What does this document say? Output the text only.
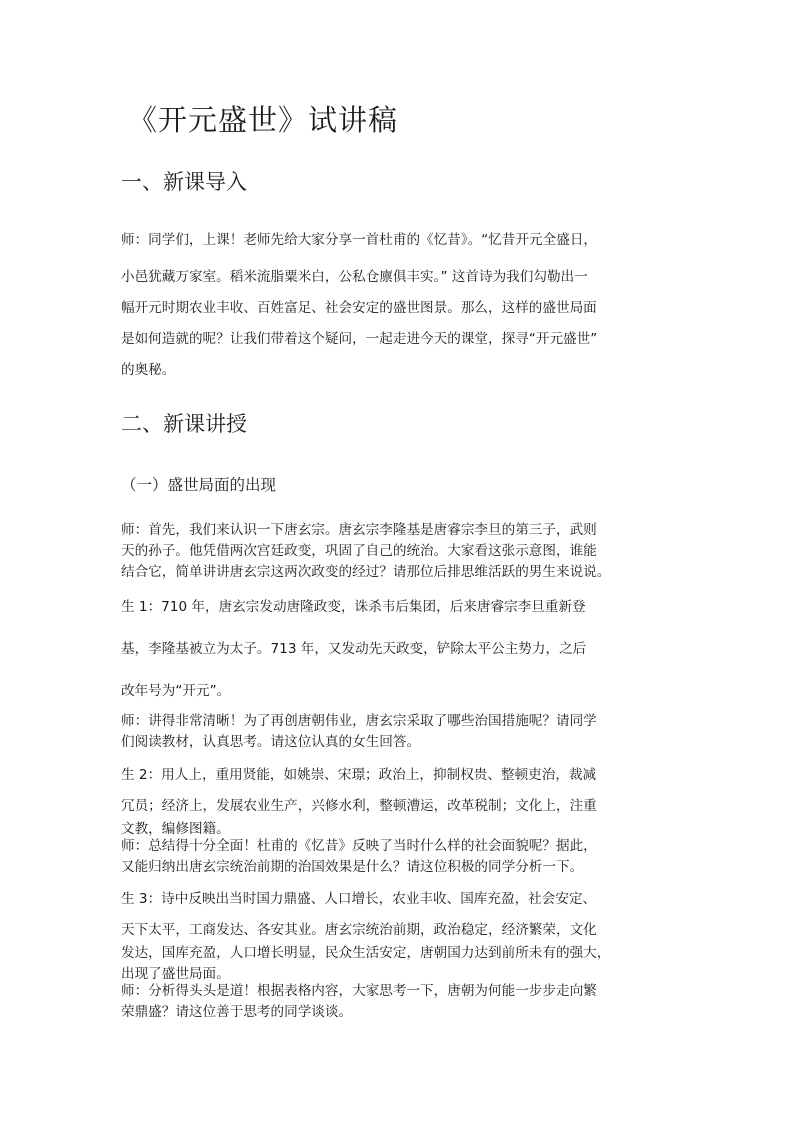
《开元盛世》试讲稿
一、新课导入
师：同学们，上课！老师先给大家分享一首杜甫的《忆昔》。“忆昔开元全盛日，
小邑犹藏万家室。稻米流脂粟米白，公私仓廪俱丰实。” 这首诗为我们勾勒出一
幅开元时期农业丰收、百姓富足、社会安定的盛世图景。那么，这样的盛世局面
是如何造就的呢？让我们带着这个疑问，一起走进今天的课堂，探寻“开元盛世”
的奥秘。
二、新课讲授
（一）盛世局面的出现
师：首先，我们来认识一下唐玄宗。唐玄宗李隆基是唐睿宗李旦的第三子，武则
天的孙子。他凭借两次宫廷政变，巩固了自己的统治。大家看这张示意图，谁能
结合它，简单讲讲唐玄宗这两次政变的经过？请那位后排思维活跃的男生来说说。
生 1：710 年，唐玄宗发动唐隆政变，诛杀韦后集团，后来唐睿宗李旦重新登
基，李隆基被立为太子。713 年，又发动先天政变，铲除太平公主势力，之后
改年号为“开元”。
师：讲得非常清晰！为了再创唐朝伟业，唐玄宗采取了哪些治国措施呢？请同学
们阅读教材，认真思考。请这位认真的女生回答。
生 2：用人上，重用贤能，如姚崇、宋璟；政治上，抑制权贵、整顿吏治，裁减
冗员；经济上，发展农业生产，兴修水利，整顿漕运，改革税制；文化上，注重
文教，编修图籍。
师：总结得十分全面！杜甫的《忆昔》反映了当时什么样的社会面貌呢？据此，
又能归纳出唐玄宗统治前期的治国效果是什么？请这位积极的同学分析一下。
生 3：诗中反映出当时国力鼎盛、人口增长，农业丰收、国库充盈，社会安定、
天下太平，工商发达、各安其业。唐玄宗统治前期，政治稳定，经济繁荣，文化
发达，国库充盈，人口增长明显，民众生活安定，唐朝国力达到前所未有的强大，
出现了盛世局面。
师：分析得头头是道！根据表格内容，大家思考一下，唐朝为何能一步步走向繁
荣鼎盛？请这位善于思考的同学谈谈。
